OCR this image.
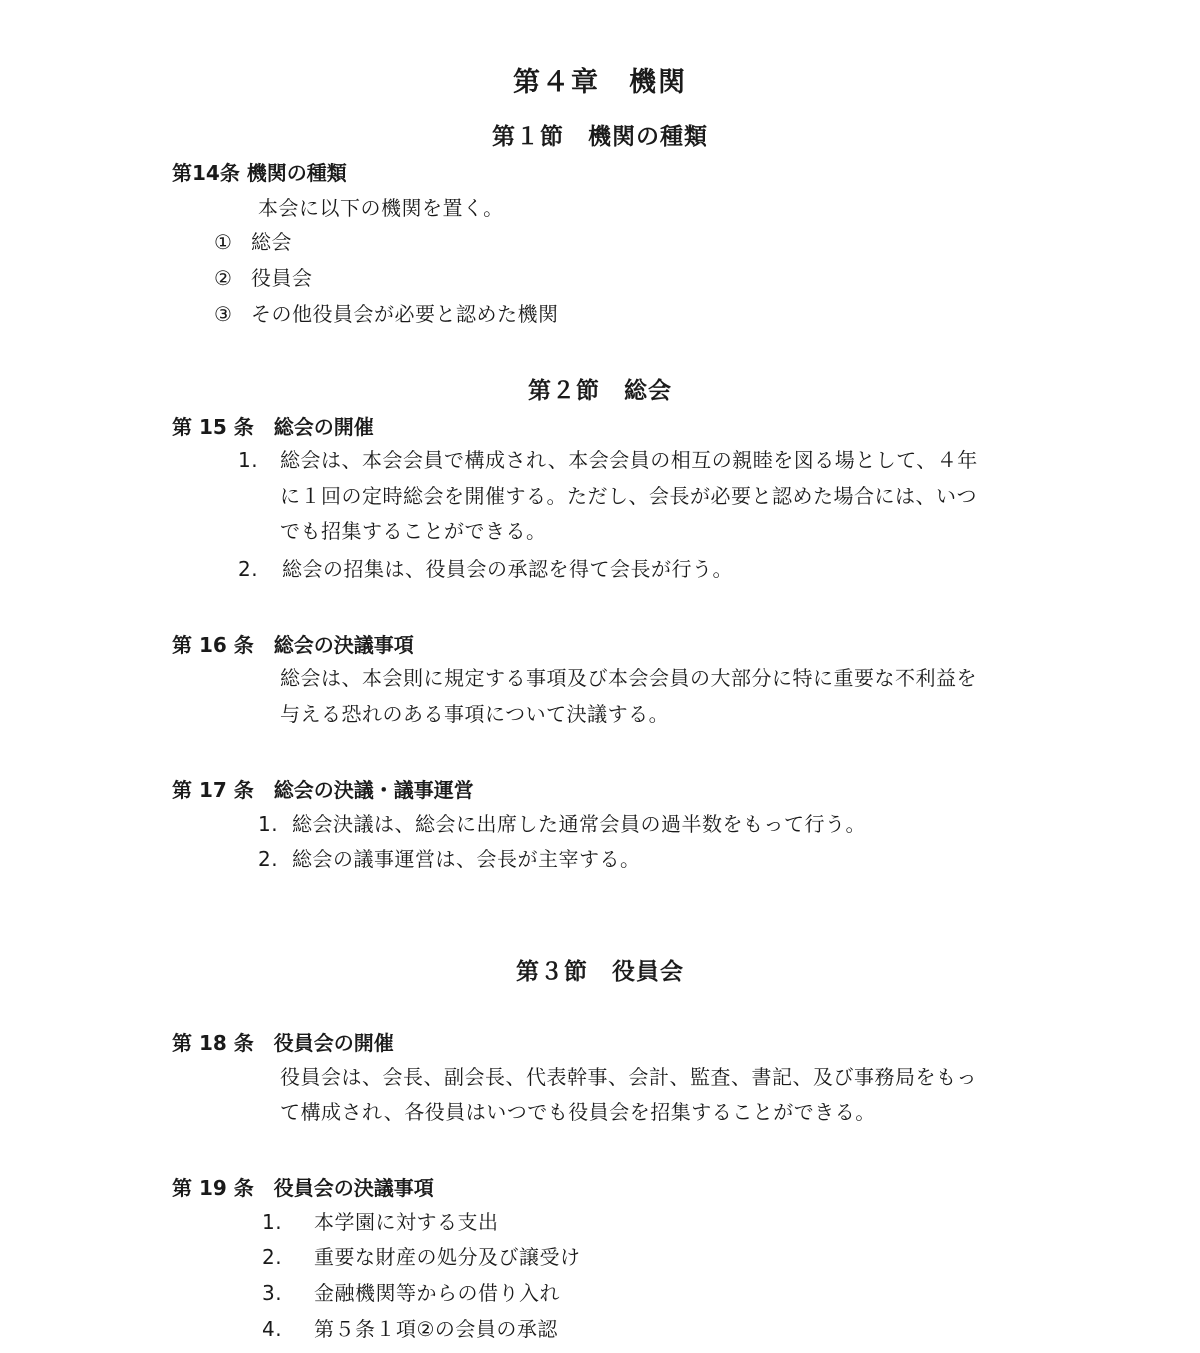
第４章　機関
第１節　機関の種類
第14条 機関の種類
本会に以下の機関を置く。
① 総会
② 役員会
③ その他役員会が必要と認めた機関
第２節　総会
第 15 条　総会の開催
1. 総会は、本会会員で構成され、本会会員の相互の親睦を図る場として、４年
に１回の定時総会を開催する。ただし、会長が必要と認めた場合には、いつ
でも招集することができる。
2. 総会の招集は、役員会の承認を得て会長が行う。
第 16 条　総会の決議事項
総会は、本会則に規定する事項及び本会会員の大部分に特に重要な不利益を
与える恐れのある事項について決議する。
第 17 条　総会の決議・議事運営
1. 総会決議は、総会に出席した通常会員の過半数をもって行う。
2. 総会の議事運営は、会長が主宰する。
第３節　役員会
第 18 条　役員会の開催
役員会は、会長、副会長、代表幹事、会計、監査、書記、及び事務局をもっ
て構成され、各役員はいつでも役員会を招集することができる。
第 19 条　役員会の決議事項
1. 本学園に対する支出
2. 重要な財産の処分及び譲受け
3. 金融機関等からの借り入れ
4. 第５条１項②の会員の承認
